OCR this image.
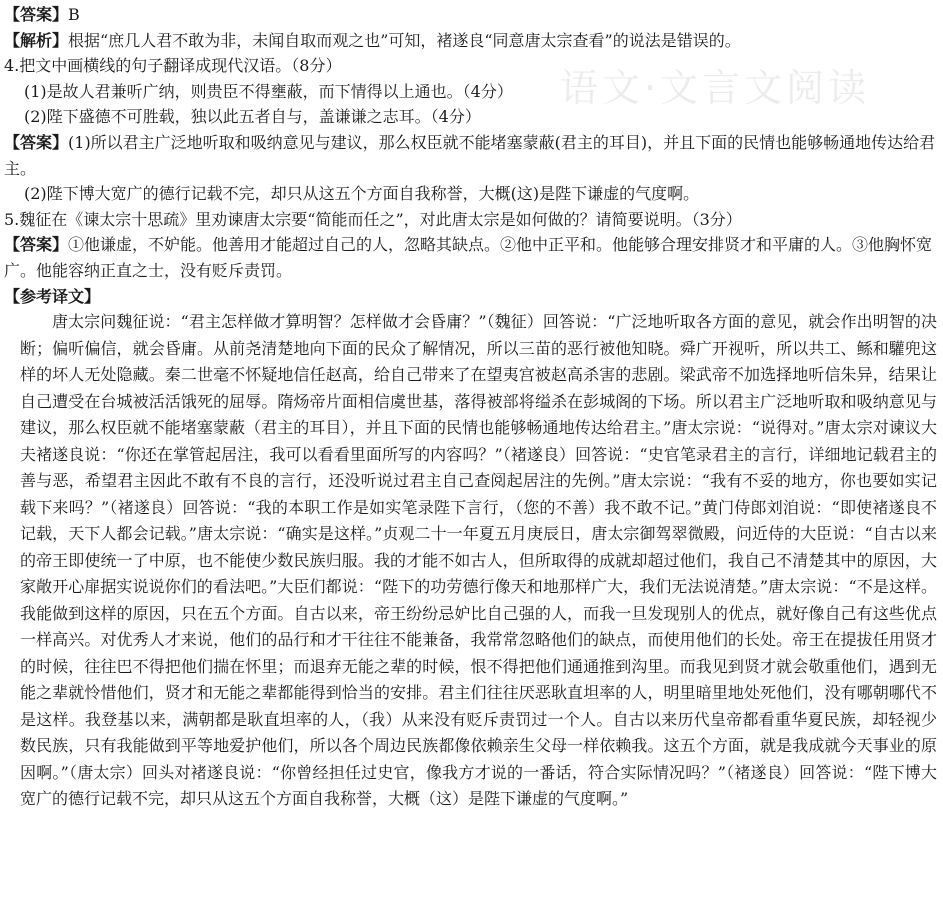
语文·文言文阅读

【答案】B

【解析】根据“庶几人君不敢为非，未闻自取而观之也”可知，褚遂良“同意唐太宗查看”的说法是错误的。

4.把文中画横线的句子翻译成现代汉语。（8分）

(1)是故人君兼听广纳，则贵臣不得壅蔽，而下情得以上通也。（4分）

(2)陛下盛德不可胜载，独以此五者自与，盖谦谦之志耳。（4分）

【答案】(1)所以君主广泛地听取和吸纳意见与建议，那么权臣就不能堵塞蒙蔽(君主的耳目)，并且下面的民情也能够畅通地传达给君主。

(2)陛下博大宽广的德行记载不完，却只从这五个方面自我称誉，大概(这)是陛下谦虚的气度啊。

5.魏征在《谏太宗十思疏》里劝谏唐太宗要“简能而任之”，对此唐太宗是如何做的？请简要说明。（3分）

【答案】①他谦虚，不妒能。他善用才能超过自己的人，忽略其缺点。②他中正平和。他能够合理安排贤才和平庸的人。③他胸怀宽广。他能容纳正直之士，没有贬斥责罚。

【参考译文】

唐太宗问魏征说：“君主怎样做才算明智？怎样做才会昏庸？”（魏征）回答说：“广泛地听取各方面的意见，就会作出明智的决断；偏听偏信，就会昏庸。从前尧清楚地向下面的民众了解情况，所以三苗的恶行被他知晓。舜广开视听，所以共工、鲧和驩兜这样的坏人无处隐藏。秦二世毫不怀疑地信任赵高，给自己带来了在望夷宫被赵高杀害的悲剧。梁武帝不加选择地听信朱异，结果让自己遭受在台城被活活饿死的屈辱。隋炀帝片面相信虞世基，落得被部将缢杀在彭城阁的下场。所以君主广泛地听取和吸纳意见与建议，那么权臣就不能堵塞蒙蔽（君主的耳目），并且下面的民情也能够畅通地传达给君主。”唐太宗说：“说得对。”唐太宗对谏议大夫褚遂良说：“你还在掌管起居注，我可以看看里面所写的内容吗？”（褚遂良）回答说：“史官笔录君主的言行，详细地记载君主的善与恶，希望君主因此不敢有不良的言行，还没听说过君主自己查阅起居注的先例。”唐太宗说：“我有不妥的地方，你也要如实记载下来吗？”（褚遂良）回答说：“我的本职工作是如实笔录陛下言行，（您的不善）我不敢不记。”黄门侍郎刘洎说：“即使褚遂良不记载，天下人都会记载。”唐太宗说：“确实是这样。”贞观二十一年夏五月庚辰日，唐太宗御驾翠微殿，问近侍的大臣说：“自古以来的帝王即使统一了中原，也不能使少数民族归服。我的才能不如古人，但所取得的成就却超过他们，我自己不清楚其中的原因，大家敞开心扉据实说说你们的看法吧。”大臣们都说：“陛下的功劳德行像天和地那样广大，我们无法说清楚。”唐太宗说：“不是这样。我能做到这样的原因，只在五个方面。自古以来，帝王纷纷忌妒比自己强的人，而我一旦发现别人的优点，就好像自己有这些优点一样高兴。对优秀人才来说，他们的品行和才干往往不能兼备，我常常忽略他们的缺点，而使用他们的长处。帝王在提拔任用贤才的时候，往往巴不得把他们揣在怀里；而退弃无能之辈的时候，恨不得把他们通通推到沟里。而我见到贤才就会敬重他们，遇到无能之辈就怜惜他们，贤才和无能之辈都能得到恰当的安排。君主们往往厌恶耿直坦率的人，明里暗里地处死他们，没有哪朝哪代不是这样。我登基以来，满朝都是耿直坦率的人，（我）从来没有贬斥责罚过一个人。自古以来历代皇帝都看重华夏民族，却轻视少数民族，只有我能做到平等地爱护他们，所以各个周边民族都像依赖亲生父母一样依赖我。这五个方面，就是我成就今天事业的原因啊。”（唐太宗）回头对褚遂良说：“你曾经担任过史官，像我方才说的一番话，符合实际情况吗？”（褚遂良）回答说：“陛下博大宽广的德行记载不完，却只从这五个方面自我称誉，大概（这）是陛下谦虚的气度啊。”
